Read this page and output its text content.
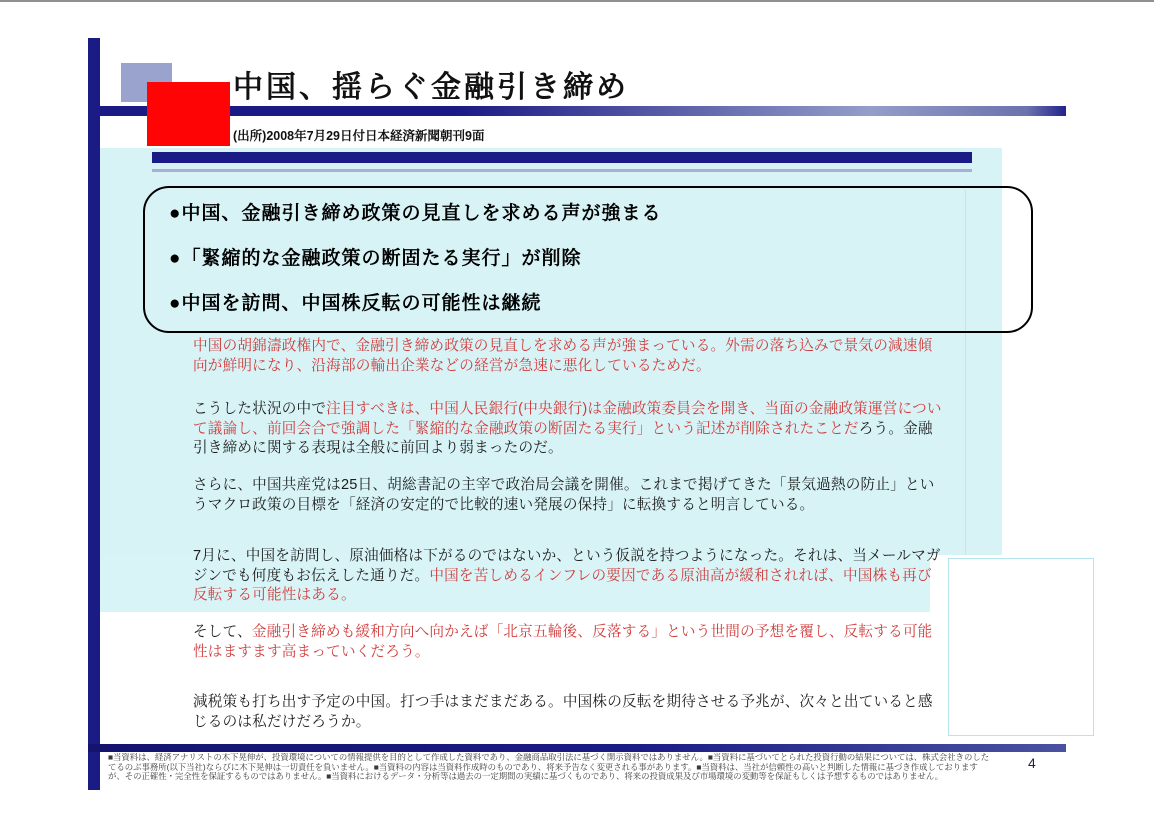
中国、揺らぐ金融引き締め
(出所)2008年7月29日付日本経済新聞朝刊9面
●中国、金融引き締め政策の見直しを求める声が強まる
●「緊縮的な金融政策の断固たる実行」が削除
●中国を訪問、中国株反転の可能性は継続
中国の胡錦濤政権内で、金融引き締め政策の見直しを求める声が強まっている。外需の落ち込みで景気の減速傾向が鮮明になり、沿海部の輸出企業などの経営が急速に悪化しているためだ。
こうした状況の中で注目すべきは、中国人民銀行(中央銀行)は金融政策委員会を開き、当面の金融政策運営について議論し、前回会合で強調した「緊縮的な金融政策の断固たる実行」という記述が削除されたことだろう。金融引き締めに関する表現は全般に前回より弱まったのだ。
さらに、中国共産党は25日、胡総書記の主宰で政治局会議を開催。これまで掲げてきた「景気過熱の防止」というマクロ政策の目標を「経済の安定的で比較的速い発展の保持」に転換すると明言している。
7月に、中国を訪問し、原油価格は下がるのではないか、という仮説を持つようになった。それは、当メールマガジンでも何度もお伝えした通りだ。中国を苦しめるインフレの要因である原油高が緩和されれば、中国株も再び反転する可能性はある。
そして、金融引き締めも緩和方向へ向かえば「北京五輪後、反落する」という世間の予想を覆し、反転する可能性はますます高まっていくだろう。
減税策も打ち出す予定の中国。打つ手はまだまだある。中国株の反転を期待させる予兆が、次々と出ていると感じるのは私だけだろうか。
■当資料は、経済アナリストの木下晃伸が、投資環境についての情報提供を目的として作成した資料であり、金融商品取引法に基づく開示資料ではありません。■当資料に基づいてとられた投資行動の結果については、株式会社きのした
てるのぶ事務所(以下当社)ならびに木下晃伸は一切責任を負いません。■当資料の内容は当資料作成時のものであり、将来予告なく変更される事があります。■当資料は、当社が信頼性の高いと判断した情報に基づき作成しております
が、その正確性・完全性を保証するものではありません。■当資料におけるデータ・分析等は過去の一定期間の実績に基づくものであり、将来の投資成果及び市場環境の変動等を保証もしくは予想するものではありません。
4
